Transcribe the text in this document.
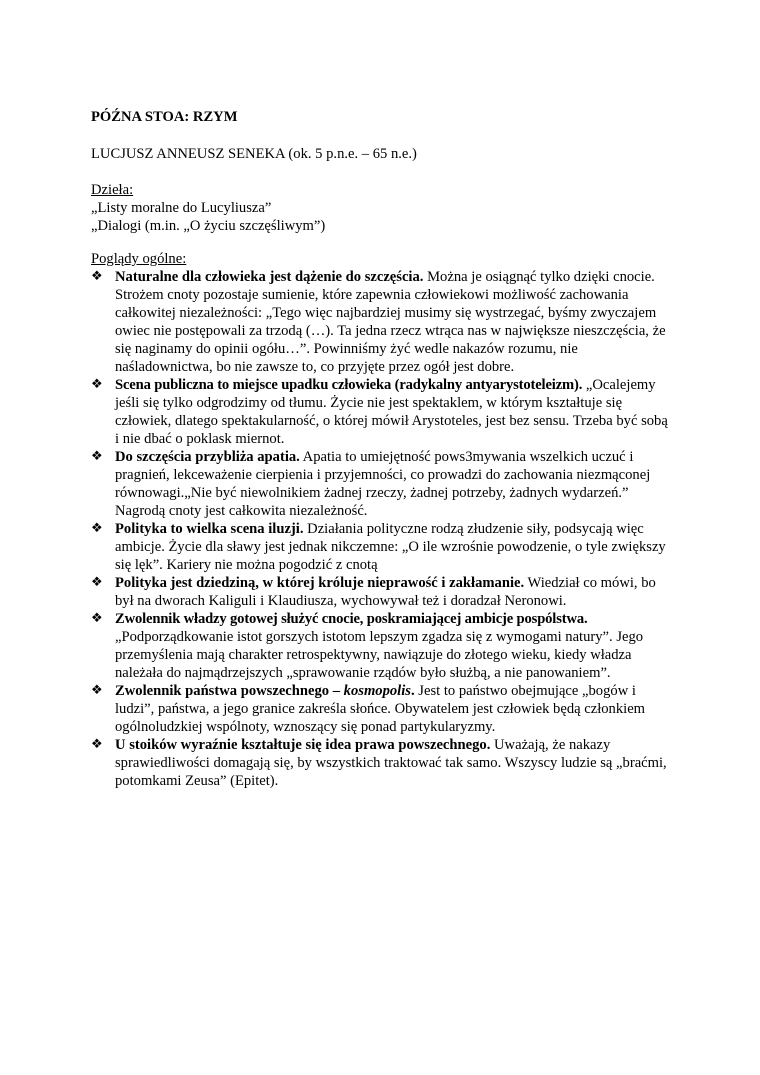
PÓŹNA STOA: RZYM
LUCJUSZ ANNEUSZ SENEKA (ok. 5 p.n.e. – 65 n.e.)
Dzieła:
„Listy moralne do Lucyliusza”
„Dialogi (m.in. „O życiu szczęśliwym”)
Poglądy ogólne:
❖ Naturalne dla człowieka jest dążenie do szczęścia. Można je osiągnąć tylko dzięki cnocie. Strożem cnoty pozostaje sumienie, które zapewnia człowiekowi możliwość zachowania całkowitej niezależności: „Tego więc najbardziej musimy się wystrzegać, byśmy zwyczajem owiec nie postępowali za trzodą (…). Ta jedna rzecz wtrąca nas w największe nieszczęścia, że się naginamy do opinii ogółu…”. Powinniśmy żyć wedle nakazów rozumu, nie naśladownictwa, bo nie zawsze to, co przyjęte przez ogół jest dobre.
❖ Scena publiczna to miejsce upadku człowieka (radykalny antyarystoteleizm). „Ocalejemy jeśli się tylko odgrodzimy od tłumu. Życie nie jest spektaklem, w którym kształtuje się człowiek, dlatego spektakularność, o której mówił Arystoteles, jest bez sensu. Trzeba być sobą i nie dbać o poklask miernot.
❖ Do szczęścia przybliża apatia. Apatia to umiejętność pows3mywania wszelkich uczuć i pragnień, lekceważenie cierpienia i przyjemności, co prowadzi do zachowania niezmąconej równowagi.„Nie być niewolnikiem żadnej rzeczy, żadnej potrzeby, żadnych wydarzeń.” Nagrodą cnoty jest całkowita niezależność.
❖ Polityka to wielka scena iluzji. Działania polityczne rodzą złudzenie siły, podsycają więc ambicje. Życie dla sławy jest jednak nikczemne: „O ile wzrośnie powodzenie, o tyle zwiększy się lęk”. Kariery nie można pogodzić z cnotą
❖ Polityka jest dziedziną, w której króluje nieprawość i zakłamanie. Wiedział co mówi, bo był na dworach Kaliguli i Klaudiusza, wychowywał też i doradzał Neronowi.
❖ Zwolennik władzy gotowej służyć cnocie, poskramiającej ambicje pospólstwa. „Podporządkowanie istot gorszych istotom lepszym zgadza się z wymogami natury”. Jego przemyślenia mają charakter retrospektywny, nawiązuje do złotego wieku, kiedy władza należała do najmądrzejszych „sprawowanie rządów było służbą, a nie panowaniem”.
❖ Zwolennik państwa powszechnego – kosmopolis. Jest to państwo obejmujące „bogów i ludzi”, państwa, a jego granice zakreśla słońce. Obywatelem jest człowiek będą członkiem ogólnoludzkiej wspólnoty, wznoszący się ponad partykularyzmy.
❖ U stoików wyraźnie kształtuje się idea prawa powszechnego. Uważają, że nakazy sprawiedliwości domagają się, by wszystkich traktować tak samo. Wszyscy ludzie są „braćmi, potomkami Zeusa” (Epitet).
